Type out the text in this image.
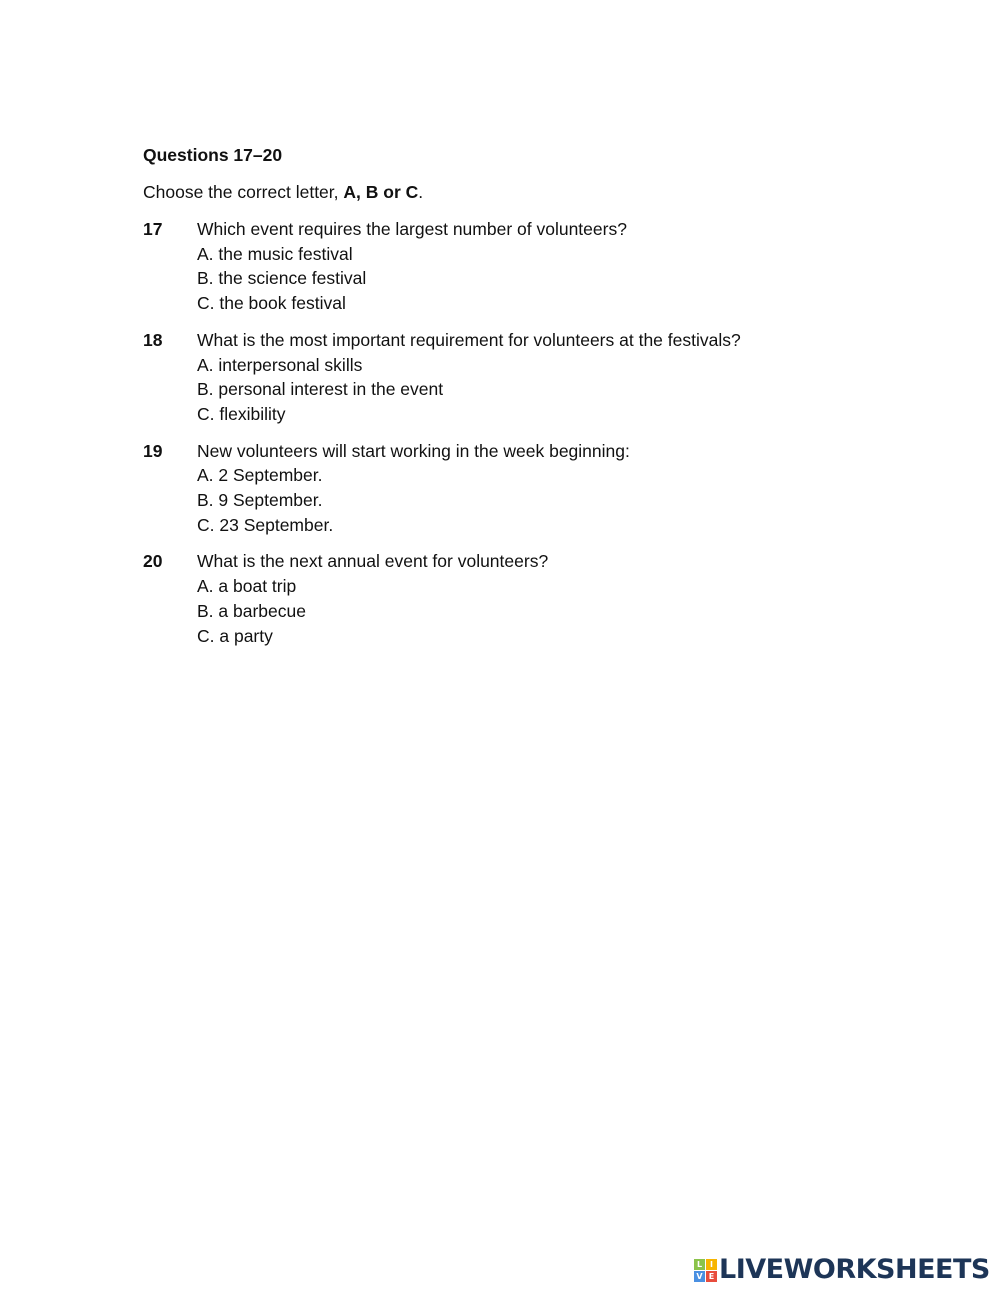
Questions 17–20
Choose the correct letter, A, B or C.
17	Which event requires the largest number of volunteers?
A. the music festival
B. the science festival
C. the book festival
18	What is the most important requirement for volunteers at the festivals?
A. interpersonal skills
B. personal interest in the event
C. flexibility
19	New volunteers will start working in the week beginning:
A. 2 September.
B. 9 September.
C. 23 September.
20	What is the next annual event for volunteers?
A. a boat trip
B. a barbecue
C. a party
L I
V E LIVEWORKSHEETS
